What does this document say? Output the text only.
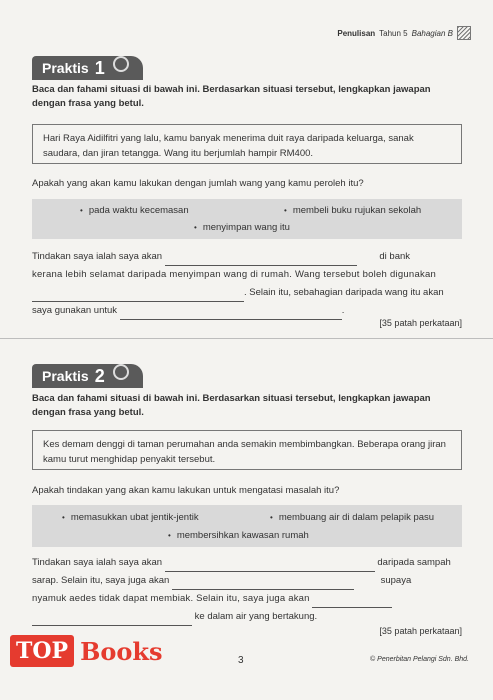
Penulisan Tahun 5 Bahagian B
Praktis 1
Baca dan fahami situasi di bawah ini. Berdasarkan situasi tersebut, lengkapkan jawapan dengan frasa yang betul.
Hari Raya Aidilfitri yang lalu, kamu banyak menerima duit raya daripada keluarga, sanak saudara, dan jiran tetangga. Wang itu berjumlah hampir RM400.
Apakah yang akan kamu lakukan dengan jumlah wang yang kamu peroleh itu?
• pada waktu kecemasan	• membeli buku rujukan sekolah
• menyimpan wang itu
Tindakan saya ialah saya akan	di bank
kerana lebih selamat daripada menyimpan wang di rumah. Wang tersebut boleh digunakan
. Selain itu, sebahagian daripada wang itu akan
saya gunakan untuk	.
[35 patah perkataan]
Praktis 2
Baca dan fahami situasi di bawah ini. Berdasarkan situasi tersebut, lengkapkan jawapan dengan frasa yang betul.
Kes demam denggi di taman perumahan anda semakin membimbangkan. Beberapa orang jiran kamu turut menghidap penyakit tersebut.
Apakah tindakan yang akan kamu lakukan untuk mengatasi masalah itu?
• memasukkan ubat jentik-jentik	• membuang air di dalam pelapik pasu
• membersihkan kawasan rumah
Tindakan saya ialah saya akan	daripada sampah
sarap. Selain itu, saya juga akan	supaya
nyamuk aedes tidak dapat membiak. Selain itu, saya juga akan
ke dalam air yang bertakung.
[35 patah perkataan]
TOP Books	3	© Penerbitan Pelangi Sdn. Bhd.
